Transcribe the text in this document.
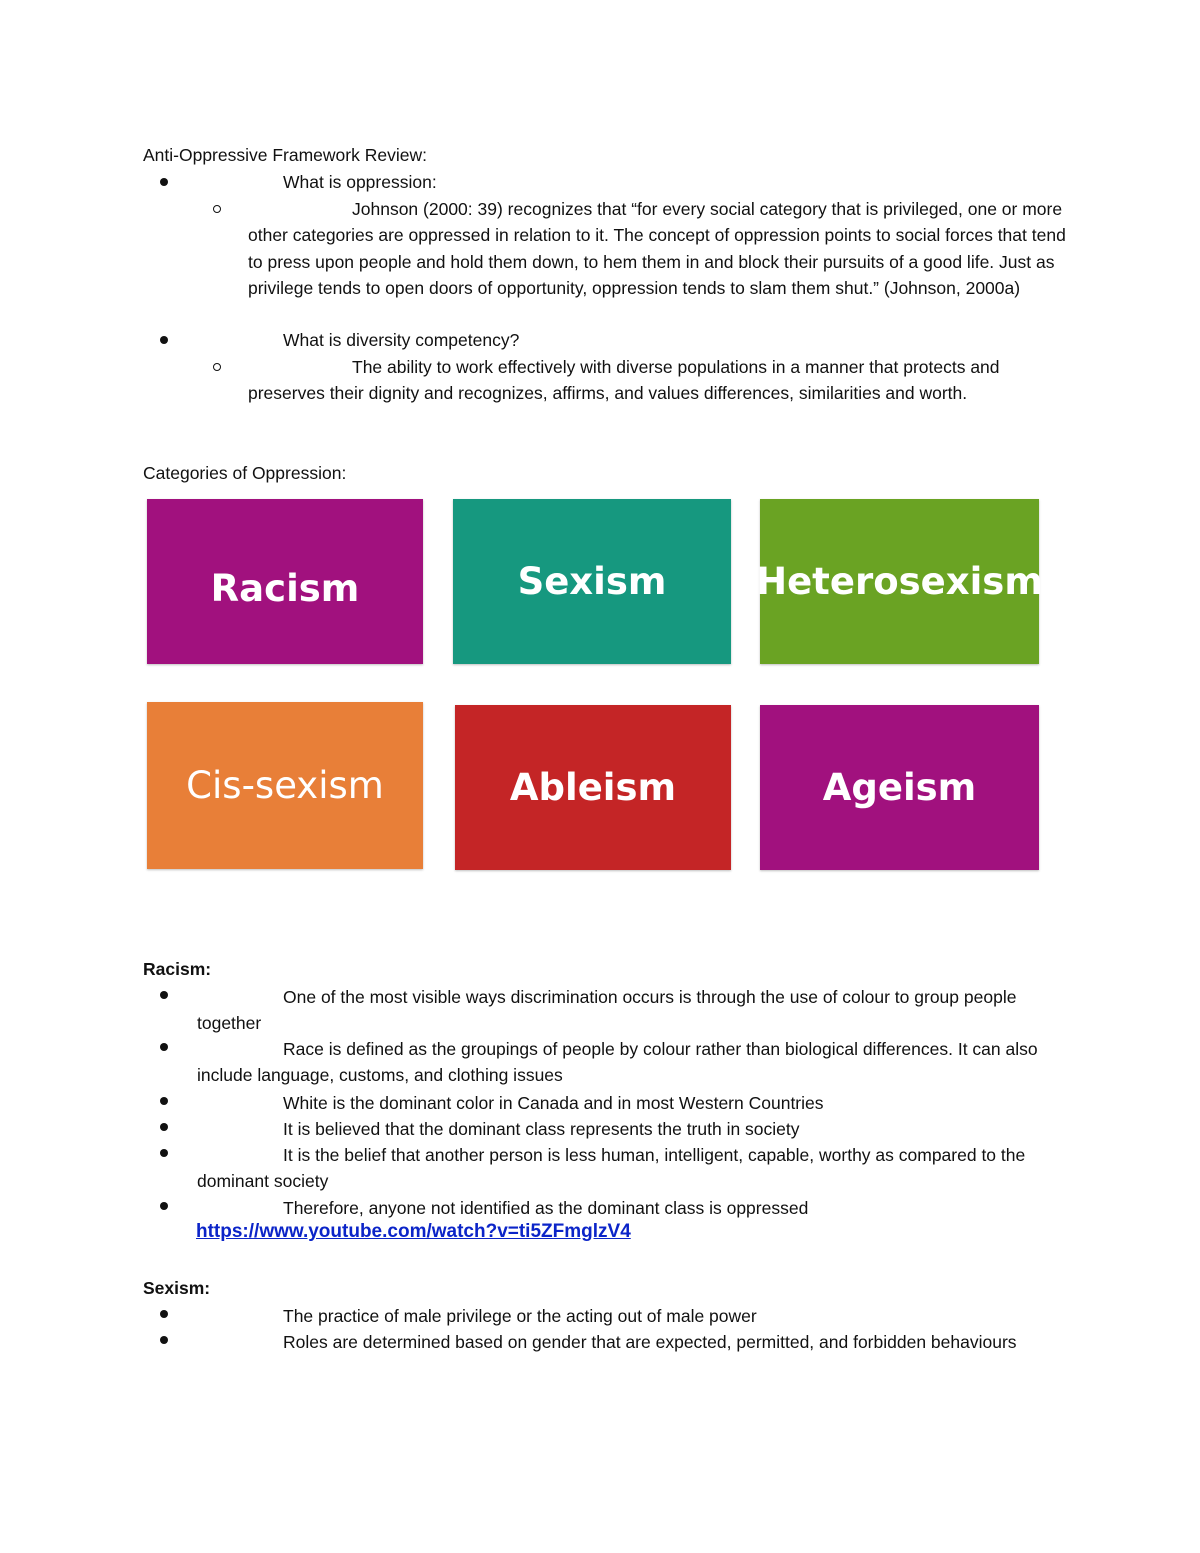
Anti-Oppressive Framework Review:
What is oppression:
Johnson (2000: 39) recognizes that “for every social category that is privileged, one or more other categories are oppressed in relation to it. The concept of oppression points to social forces that tend to press upon people and hold them down, to hem them in and block their pursuits of a good life. Just as privilege tends to open doors of opportunity, oppression tends to slam them shut.” (Johnson, 2000a)
What is diversity competency?
The ability to work effectively with diverse populations in a manner that protects and preserves their dignity and recognizes, affirms, and values differences, similarities and worth.
Categories of Oppression:
Racism	Sexism	Heterosexism
Cis-sexism	Ableism	Ageism
Racism:
One of the most visible ways discrimination occurs is through the use of colour to group people together
Race is defined as the groupings of people by colour rather than biological differences. It can also include language, customs, and clothing issues
White is the dominant color in Canada and in most Western Countries
It is believed that the dominant class represents the truth in society
It is the belief that another person is less human, intelligent, capable, worthy as compared to the dominant society
Therefore, anyone not identified as the dominant class is oppressed
https://www.youtube.com/watch?v=ti5ZFmglzV4
Sexism:
The practice of male privilege or the acting out of male power
Roles are determined based on gender that are expected, permitted, and forbidden behaviours
